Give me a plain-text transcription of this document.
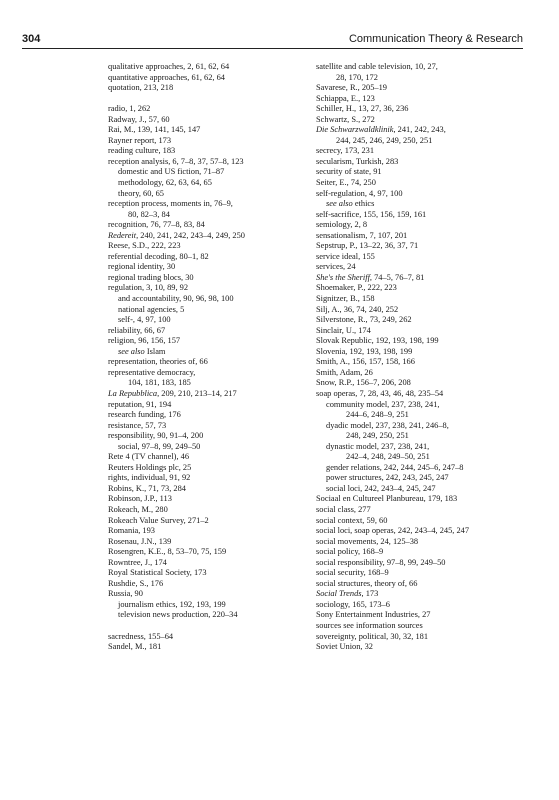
304	Communication Theory & Research
qualitative approaches, 2, 61, 62, 64
quantitative approaches, 61, 62, 64
quotation, 213, 218
radio, 1, 262
Radway, J., 57, 60
Rai, M., 139, 141, 145, 147
Rayner report, 173
reading culture, 183
reception analysis, 6, 7–8, 37, 57–8, 123
domestic and US fiction, 71–87
methodology, 62, 63, 64, 65
theory, 60, 65
reception process, moments in, 76–9,
80, 82–3, 84
recognition, 76, 77–8, 83, 84
Redereit, 240, 241, 242, 243–4, 249, 250
Reese, S.D., 222, 223
referential decoding, 80–1, 82
regional identity, 30
regional trading blocs, 30
regulation, 3, 10, 89, 92
and accountability, 90, 96, 98, 100
national agencies, 5
self-, 4, 97, 100
reliability, 66, 67
religion, 96, 156, 157
see also Islam
representation, theories of, 66
representative democracy,
104, 181, 183, 185
La Repubblica, 209, 210, 213–14, 217
reputation, 91, 194
research funding, 176
resistance, 57, 73
responsibility, 90, 91–4, 200
social, 97–8, 99, 249–50
Rete 4 (TV channel), 46
Reuters Holdings plc, 25
rights, individual, 91, 92
Robins, K., 71, 73, 284
Robinson, J.P., 113
Rokeach, M., 280
Rokeach Value Survey, 271–2
Romania, 193
Rosenau, J.N., 139
Rosengren, K.E., 8, 53–70, 75, 159
Rowntree, J., 174
Royal Statistical Society, 173
Rushdie, S., 176
Russia, 90
journalism ethics, 192, 193, 199
television news production, 220–34
sacredness, 155–64
Sandel, M., 181
satellite and cable television, 10, 27,
28, 170, 172
Savarese, R., 205–19
Schiappa, E., 123
Schiller, H., 13, 27, 36, 236
Schwartz, S., 272
Die Schwarzwaldklinik, 241, 242, 243,
244, 245, 246, 249, 250, 251
secrecy, 173, 231
secularism, Turkish, 283
security of state, 91
Seiter, E., 74, 250
self-regulation, 4, 97, 100
see also ethics
self-sacrifice, 155, 156, 159, 161
semiology, 2, 8
sensationalism, 7, 107, 201
Sepstrup, P., 13–22, 36, 37, 71
service ideal, 155
services, 24
She's the Sheriff, 74–5, 76–7, 81
Shoemaker, P., 222, 223
Signitzer, B., 158
Silj, A., 36, 74, 240, 252
Silverstone, R., 73, 249, 262
Sinclair, U., 174
Slovak Republic, 192, 193, 198, 199
Slovenia, 192, 193, 198, 199
Smith, A., 156, 157, 158, 166
Smith, Adam, 26
Snow, R.P., 156–7, 206, 208
soap operas, 7, 28, 43, 46, 48, 235–54
community model, 237, 238, 241,
244–6, 248–9, 251
dyadic model, 237, 238, 241, 246–8,
248, 249, 250, 251
dynastic model, 237, 238, 241,
242–4, 248, 249–50, 251
gender relations, 242, 244, 245–6, 247–8
power structures, 242, 243, 245, 247
social loci, 242, 243–4, 245, 247
Sociaal en Cultureel Planbureau, 179, 183
social class, 277
social context, 59, 60
social loci, soap operas, 242, 243–4, 245, 247
social movements, 24, 125–38
social policy, 168–9
social responsibility, 97–8, 99, 249–50
social security, 168–9
social structures, theory of, 66
Social Trends, 173
sociology, 165, 173–6
Sony Entertainment Industries, 27
sources see information sources
sovereignty, political, 30, 32, 181
Soviet Union, 32
